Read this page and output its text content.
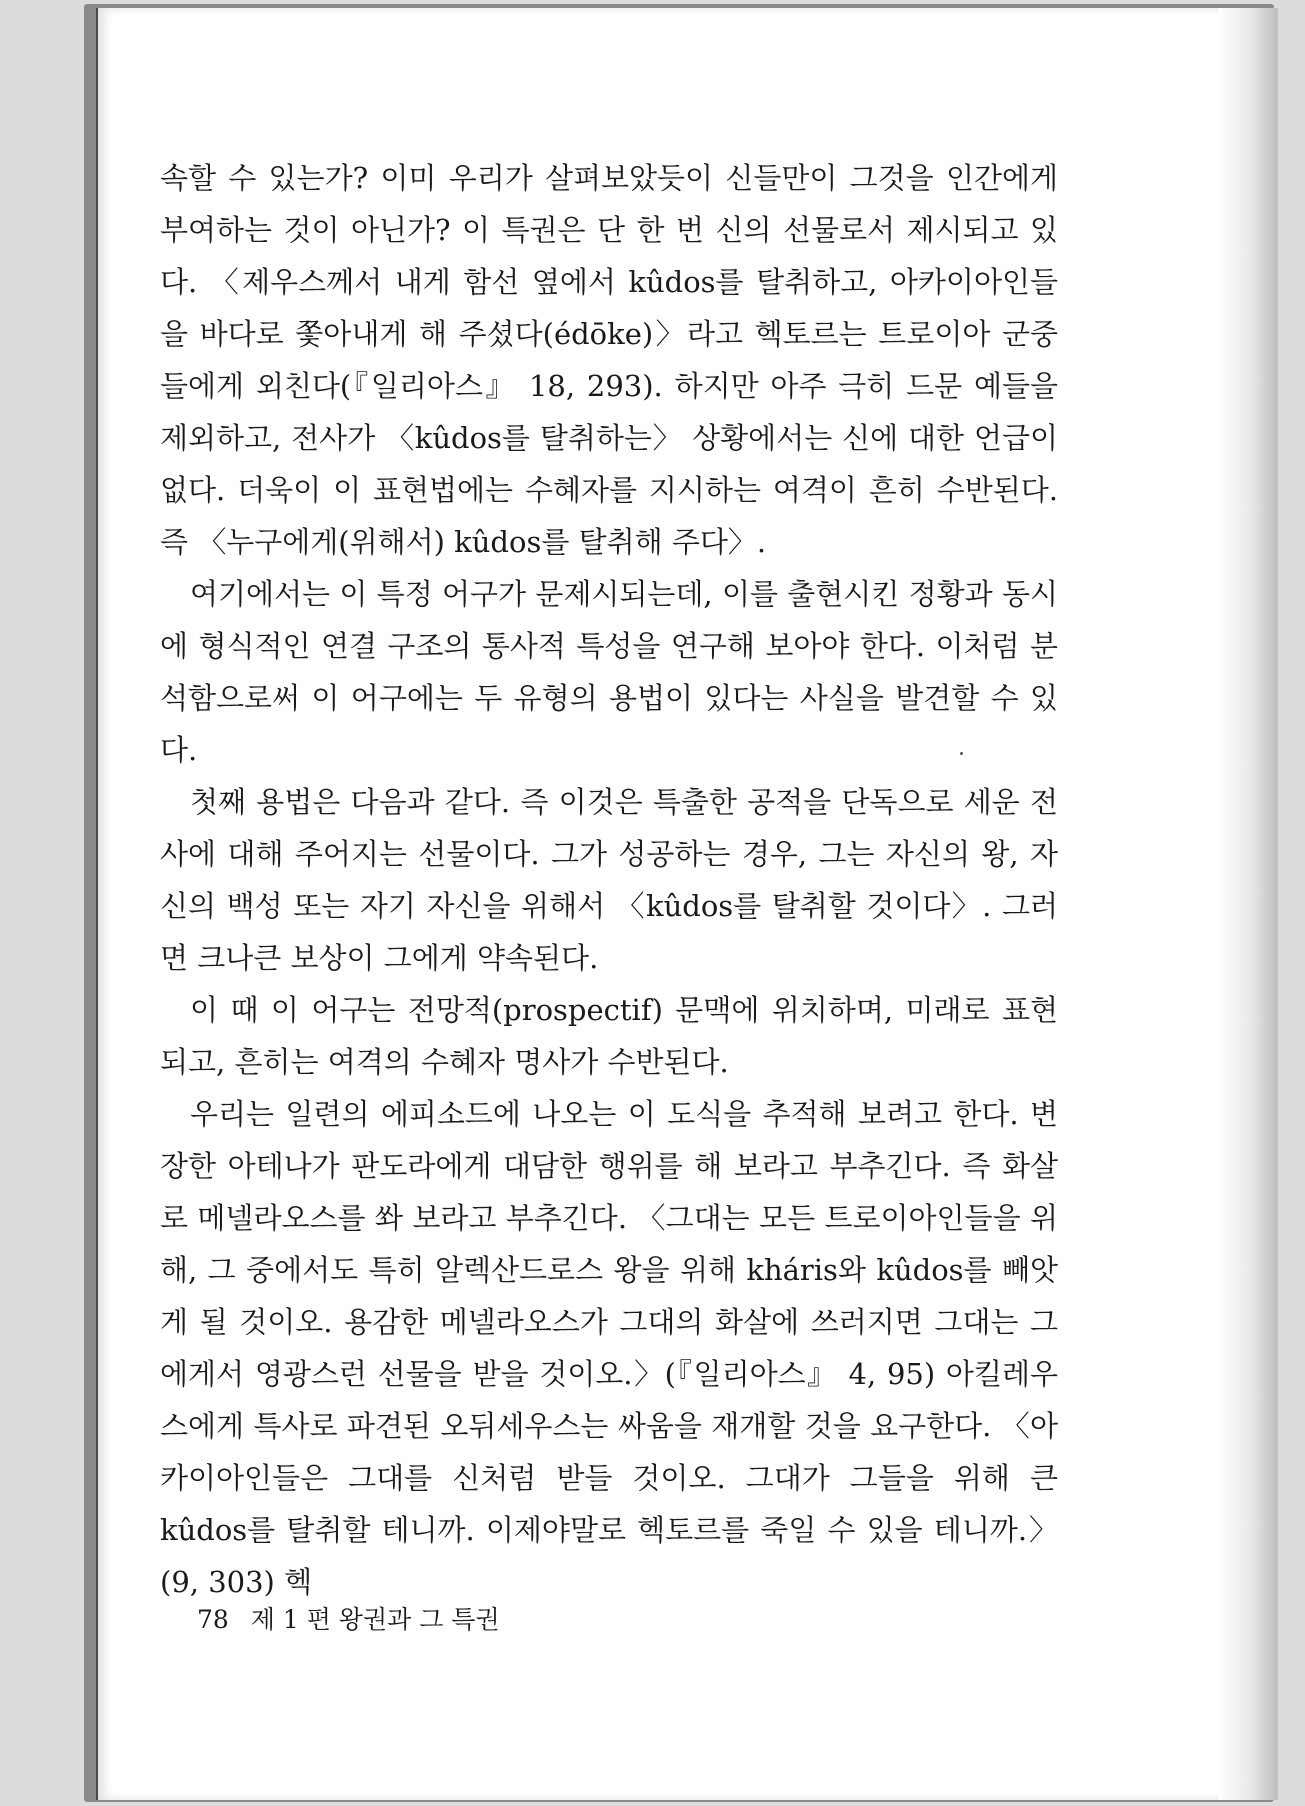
속할 수 있는가? 이미 우리가 살펴보았듯이 신들만이 그것을 인간에게 부여하는 것이 아닌가? 이 특권은 단 한 번 신의 선물로서 제시되고 있다. 〈제우스께서 내게 함선 옆에서 kûdos를 탈취하고, 아카이아인들을 바다로 쫓아내게 해 주셨다(édōke)〉라고 헥토르는 트로이아 군중들에게 외친다(『일리아스』 18, 293). 하지만 아주 극히 드문 예들을 제외하고, 전사가 〈kûdos를 탈취하는〉 상황에서는 신에 대한 언급이 없다. 더욱이 이 표현법에는 수혜자를 지시하는 여격이 흔히 수반된다. 즉 〈누구에게(위해서) kûdos를 탈취해 주다〉.

여기에서는 이 특정 어구가 문제시되는데, 이를 출현시킨 정황과 동시에 형식적인 연결 구조의 통사적 특성을 연구해 보아야 한다. 이처럼 분석함으로써 이 어구에는 두 유형의 용법이 있다는 사실을 발견할 수 있다.

첫째 용법은 다음과 같다. 즉 이것은 특출한 공적을 단독으로 세운 전사에 대해 주어지는 선물이다. 그가 성공하는 경우, 그는 자신의 왕, 자신의 백성 또는 자기 자신을 위해서 〈kûdos를 탈취할 것이다〉. 그러면 크나큰 보상이 그에게 약속된다.

이 때 이 어구는 전망적(prospectif) 문맥에 위치하며, 미래로 표현되고, 흔히는 여격의 수혜자 명사가 수반된다.

우리는 일련의 에피소드에 나오는 이 도식을 추적해 보려고 한다. 변장한 아테나가 판도라에게 대담한 행위를 해 보라고 부추긴다. 즉 화살로 메넬라오스를 쏴 보라고 부추긴다. 〈그대는 모든 트로이아인들을 위해, 그 중에서도 특히 알렉산드로스 왕을 위해 kháris와 kûdos를 빼앗게 될 것이오. 용감한 메넬라오스가 그대의 화살에 쓰러지면 그대는 그에게서 영광스런 선물을 받을 것이오.〉(『일리아스』 4, 95) 아킬레우스에게 특사로 파견된 오뒤세우스는 싸움을 재개할 것을 요구한다. 〈아카이아인들은 그대를 신처럼 받들 것이오. 그대가 그들을 위해 큰 kûdos를 탈취할 테니까. 이제야말로 헥토르를 죽일 수 있을 테니까.〉(9, 303) 헥

78 제 1 편 왕권과 그 특권
